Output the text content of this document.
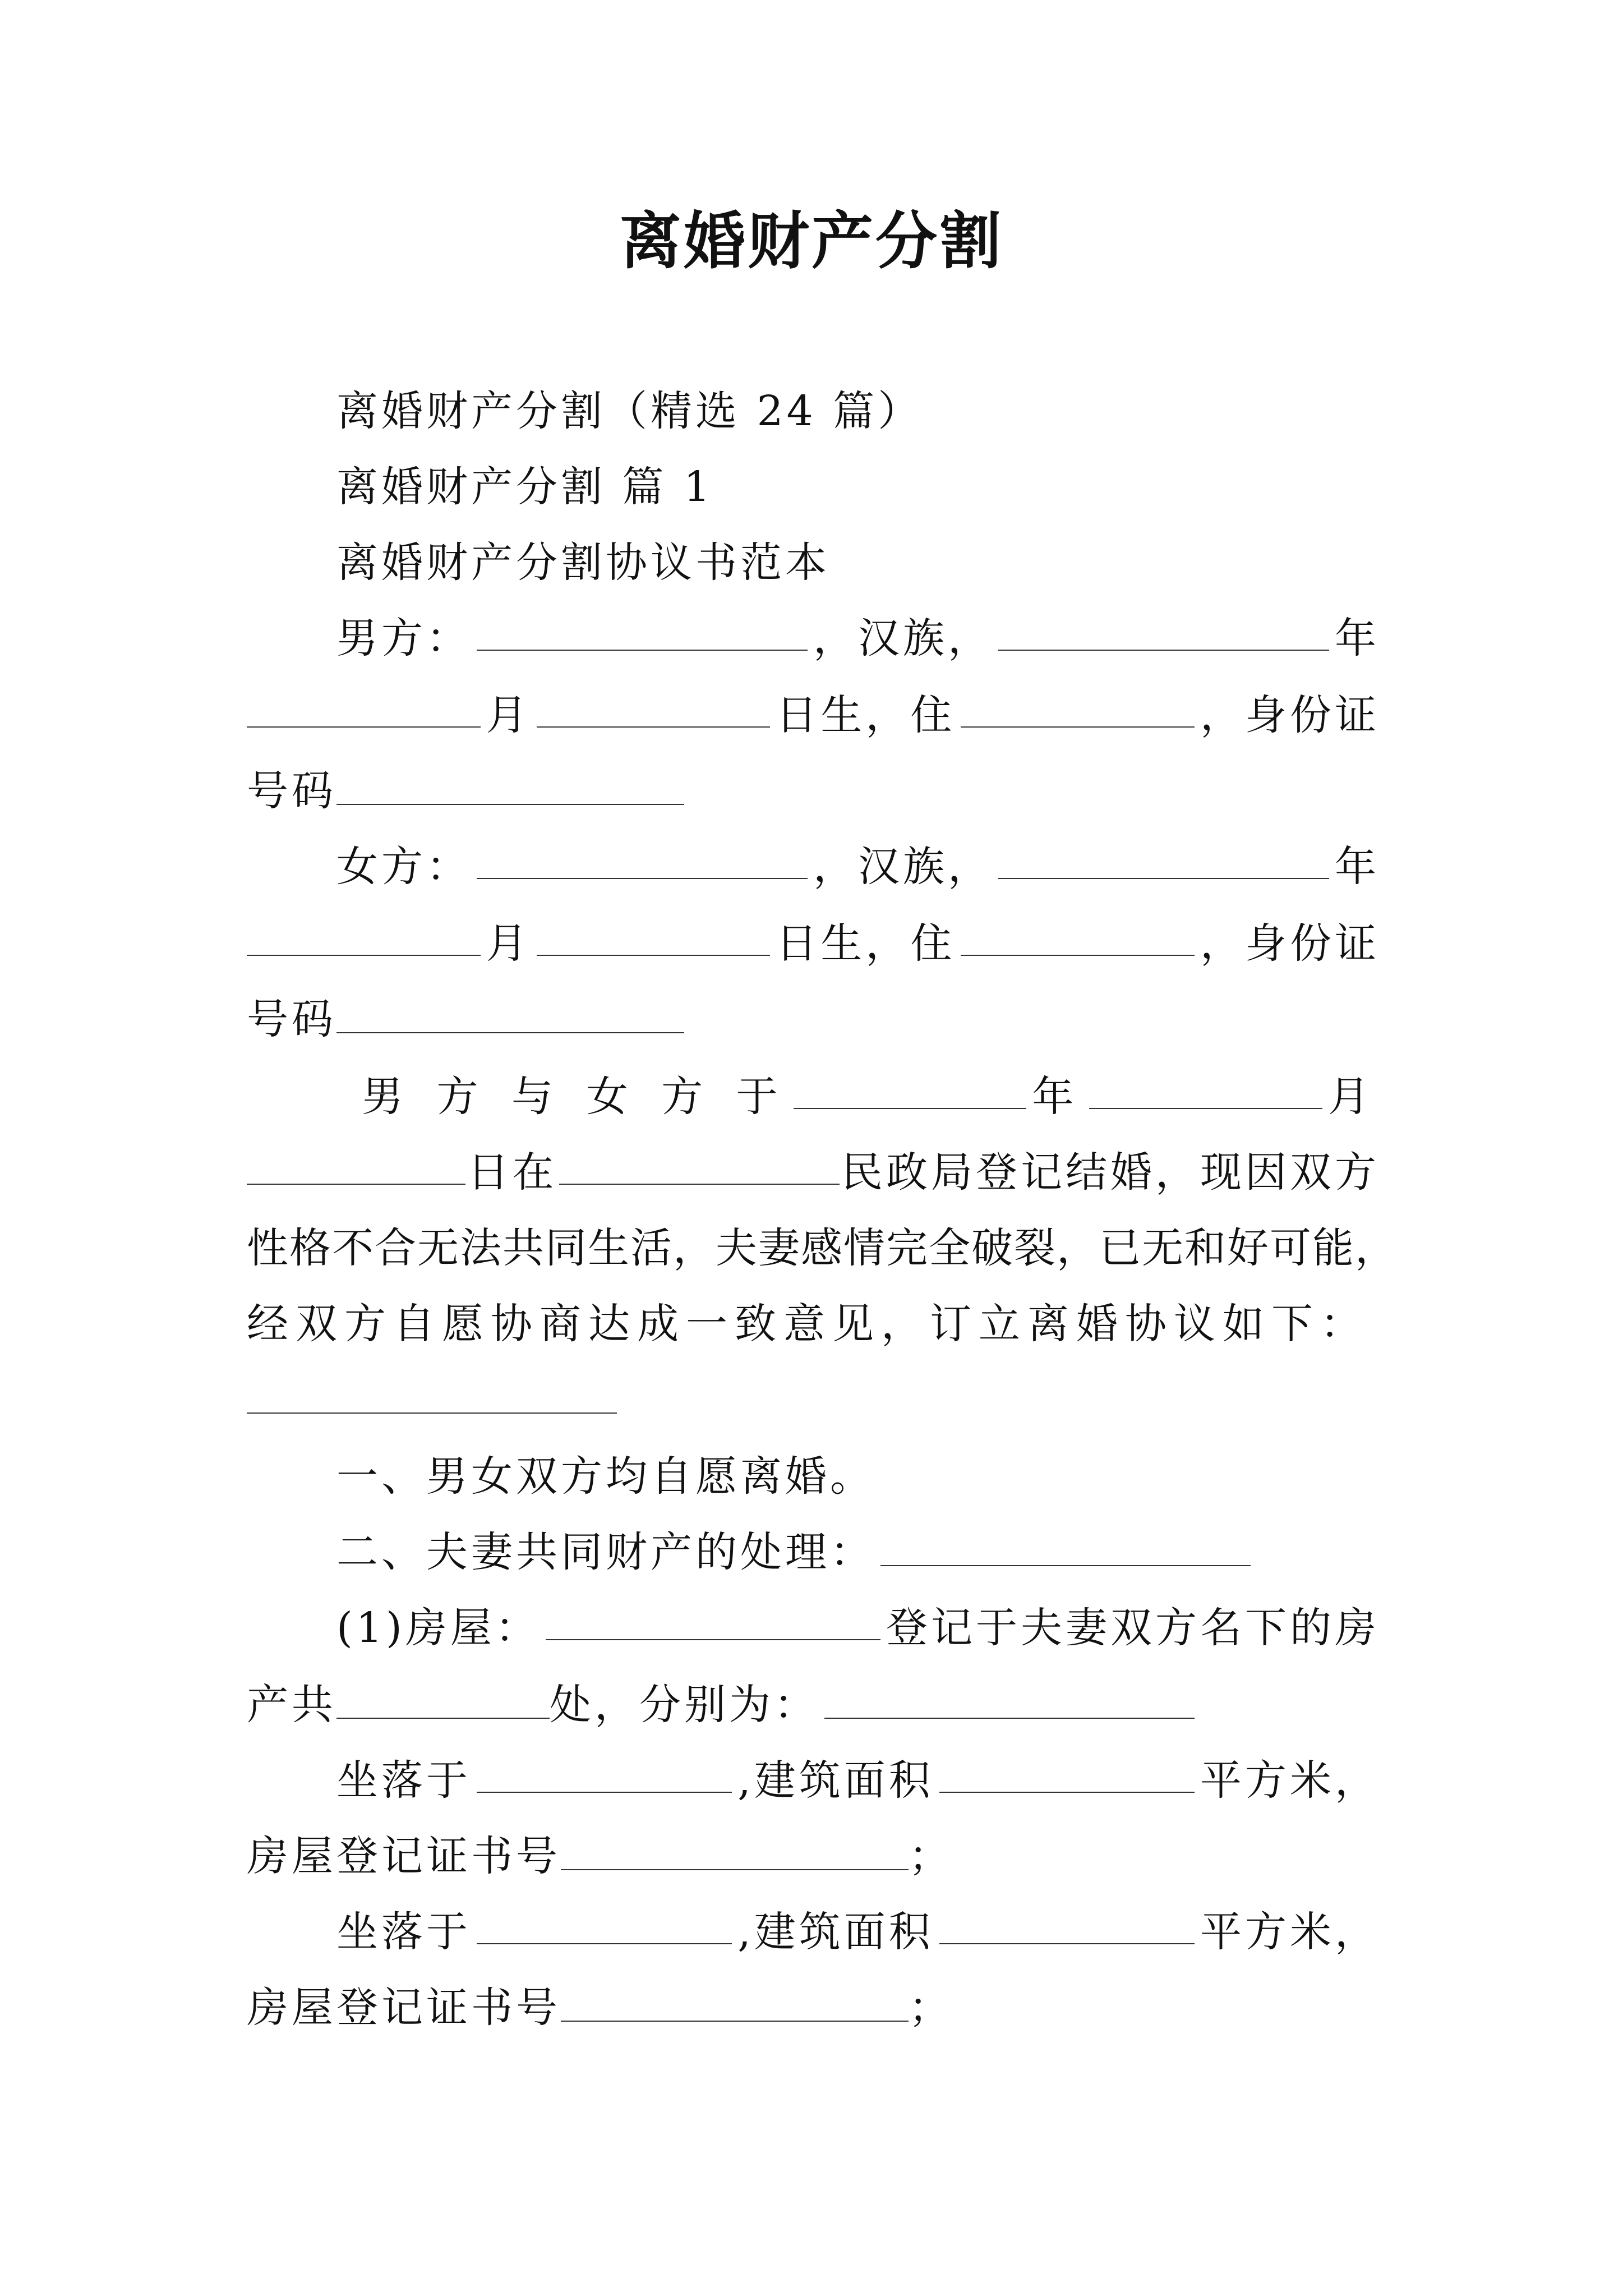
离婚财产分割
离婚财产分割（精选 24 篇）
离婚财产分割 篇 1
离婚财产分割协议书范本
男方：	，汉族，	年
月	日生，住	，身份证
号码
女方：	，汉族，	年
月	日生，住	，身份证
号码
男 方 与 女 方 于	年	月
日在	民政局登记结婚，现因双方
性格不合无法共同生活，夫妻感情完全破裂，已无和好可能，
经双方自愿协商达成一致意见，订立离婚协议如下：
一、男女双方均自愿离婚。
二、夫妻共同财产的处理：
(1)房屋：	登记于夫妻双方名下的房
产共	处，分别为：
坐落于	,建筑面积	平方米，
房屋登记证书号	；
坐落于	,建筑面积	平方米，
房屋登记证书号	；
